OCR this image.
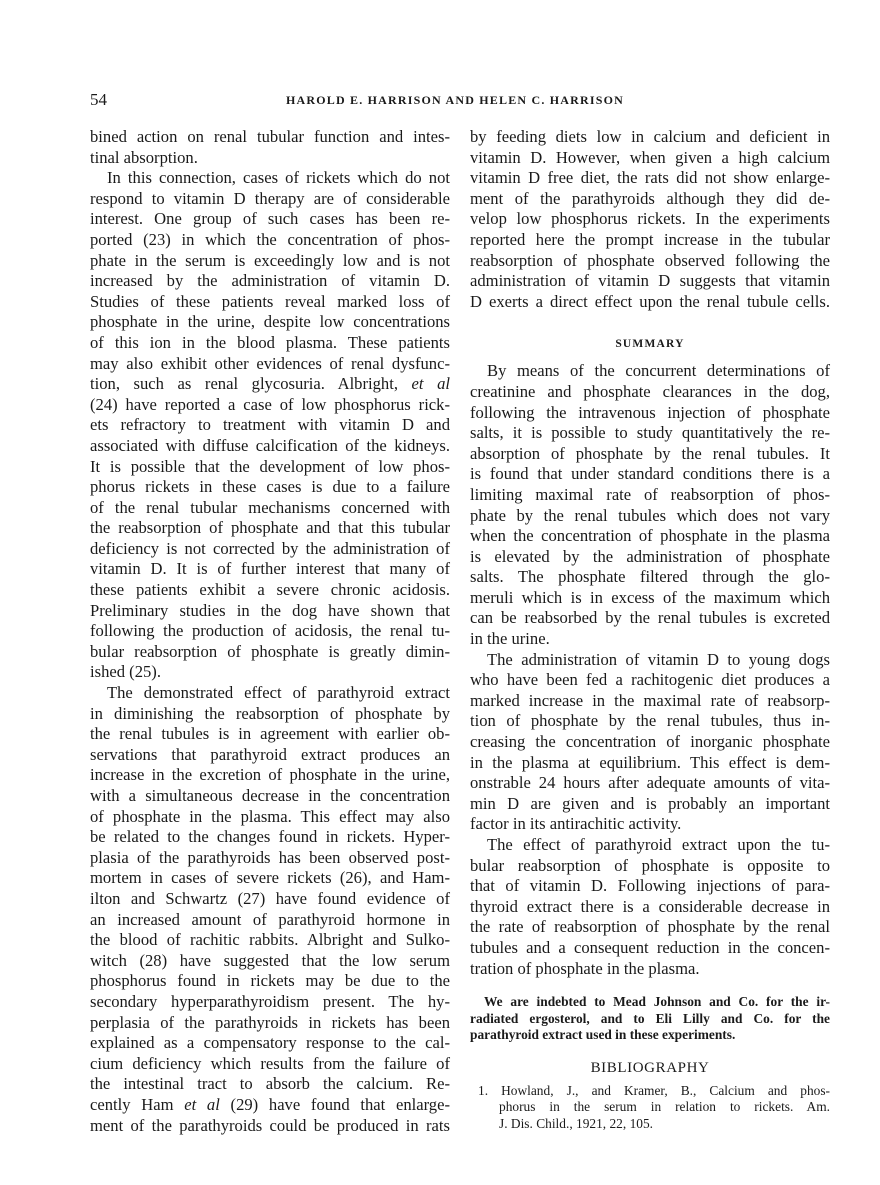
54	HAROLD E. HARRISON AND HELEN C. HARRISON
bined action on renal tubular function and intes-
tinal absorption.
In this connection, cases of rickets which do not
respond to vitamin D therapy are of considerable
interest. One group of such cases has been re-
ported (23) in which the concentration of phos-
phate in the serum is exceedingly low and is not
increased by the administration of vitamin D.
Studies of these patients reveal marked loss of
phosphate in the urine, despite low concentrations
of this ion in the blood plasma. These patients
may also exhibit other evidences of renal dysfunc-
tion, such as renal glycosuria. Albright, et al
(24) have reported a case of low phosphorus rick-
ets refractory to treatment with vitamin D and
associated with diffuse calcification of the kidneys.
It is possible that the development of low phos-
phorus rickets in these cases is due to a failure
of the renal tubular mechanisms concerned with
the reabsorption of phosphate and that this tubular
deficiency is not corrected by the administration of
vitamin D. It is of further interest that many of
these patients exhibit a severe chronic acidosis.
Preliminary studies in the dog have shown that
following the production of acidosis, the renal tu-
bular reabsorption of phosphate is greatly dimin-
ished (25).
The demonstrated effect of parathyroid extract
in diminishing the reabsorption of phosphate by
the renal tubules is in agreement with earlier ob-
servations that parathyroid extract produces an
increase in the excretion of phosphate in the urine,
with a simultaneous decrease in the concentration
of phosphate in the plasma. This effect may also
be related to the changes found in rickets. Hyper-
plasia of the parathyroids has been observed post-
mortem in cases of severe rickets (26), and Ham-
ilton and Schwartz (27) have found evidence of
an increased amount of parathyroid hormone in
the blood of rachitic rabbits. Albright and Sulko-
witch (28) have suggested that the low serum
phosphorus found in rickets may be due to the
secondary hyperparathyroidism present. The hy-
perplasia of the parathyroids in rickets has been
explained as a compensatory response to the cal-
cium deficiency which results from the failure of
the intestinal tract to absorb the calcium. Re-
cently Ham et al (29) have found that enlarge-
ment of the parathyroids could be produced in rats
by feeding diets low in calcium and deficient in
vitamin D. However, when given a high calcium
vitamin D free diet, the rats did not show enlarge-
ment of the parathyroids although they did de-
velop low phosphorus rickets. In the experiments
reported here the prompt increase in the tubular
reabsorption of phosphate observed following the
administration of vitamin D suggests that vitamin
D exerts a direct effect upon the renal tubule cells.
SUMMARY
By means of the concurrent determinations of
creatinine and phosphate clearances in the dog,
following the intravenous injection of phosphate
salts, it is possible to study quantitatively the re-
absorption of phosphate by the renal tubules. It
is found that under standard conditions there is a
limiting maximal rate of reabsorption of phos-
phate by the renal tubules which does not vary
when the concentration of phosphate in the plasma
is elevated by the administration of phosphate
salts. The phosphate filtered through the glo-
meruli which is in excess of the maximum which
can be reabsorbed by the renal tubules is excreted
in the urine.
The administration of vitamin D to young dogs
who have been fed a rachitogenic diet produces a
marked increase in the maximal rate of reabsorp-
tion of phosphate by the renal tubules, thus in-
creasing the concentration of inorganic phosphate
in the plasma at equilibrium. This effect is dem-
onstrable 24 hours after adequate amounts of vita-
min D are given and is probably an important
factor in its antirachitic activity.
The effect of parathyroid extract upon the tu-
bular reabsorption of phosphate is opposite to
that of vitamin D. Following injections of para-
thyroid extract there is a considerable decrease in
the rate of reabsorption of phosphate by the renal
tubules and a consequent reduction in the concen-
tration of phosphate in the plasma.
We are indebted to Mead Johnson and Co. for the ir-
radiated ergosterol, and to Eli Lilly and Co. for the
parathyroid extract used in these experiments.
BIBLIOGRAPHY
1. Howland, J., and Kramer, B., Calcium and phos-
phorus in the serum in relation to rickets. Am.
J. Dis. Child., 1921, 22, 105.
